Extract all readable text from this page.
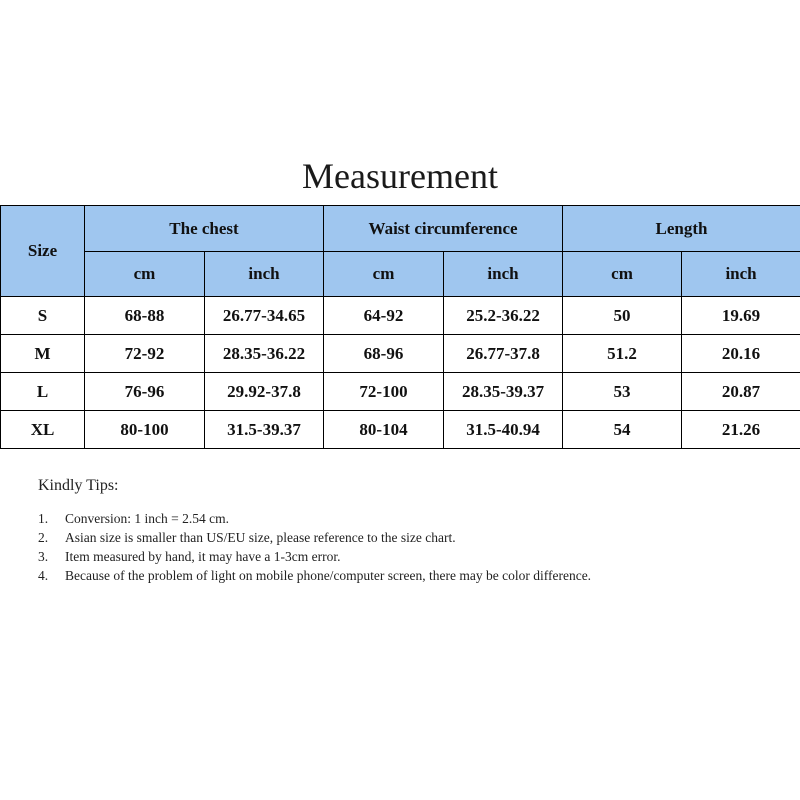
Measurement
Size	The chest		Waist circumference		Length	
	cm	inch	cm	inch	cm	inch
S	68-88	26.77-34.65	64-92	25.2-36.22	50	19.69
M	72-92	28.35-36.22	68-96	26.77-37.8	51.2	20.16
L	76-96	29.92-37.8	72-100	28.35-39.37	53	20.87
XL	80-100	31.5-39.37	80-104	31.5-40.94	54	21.26
Kindly Tips:
1. Conversion: 1 inch = 2.54 cm.
2. Asian size is smaller than US/EU size, please reference to the size chart.
3. Item measured by hand, it may have a 1-3cm error.
4. Because of the problem of light on mobile phone/computer screen, there may be color difference.
